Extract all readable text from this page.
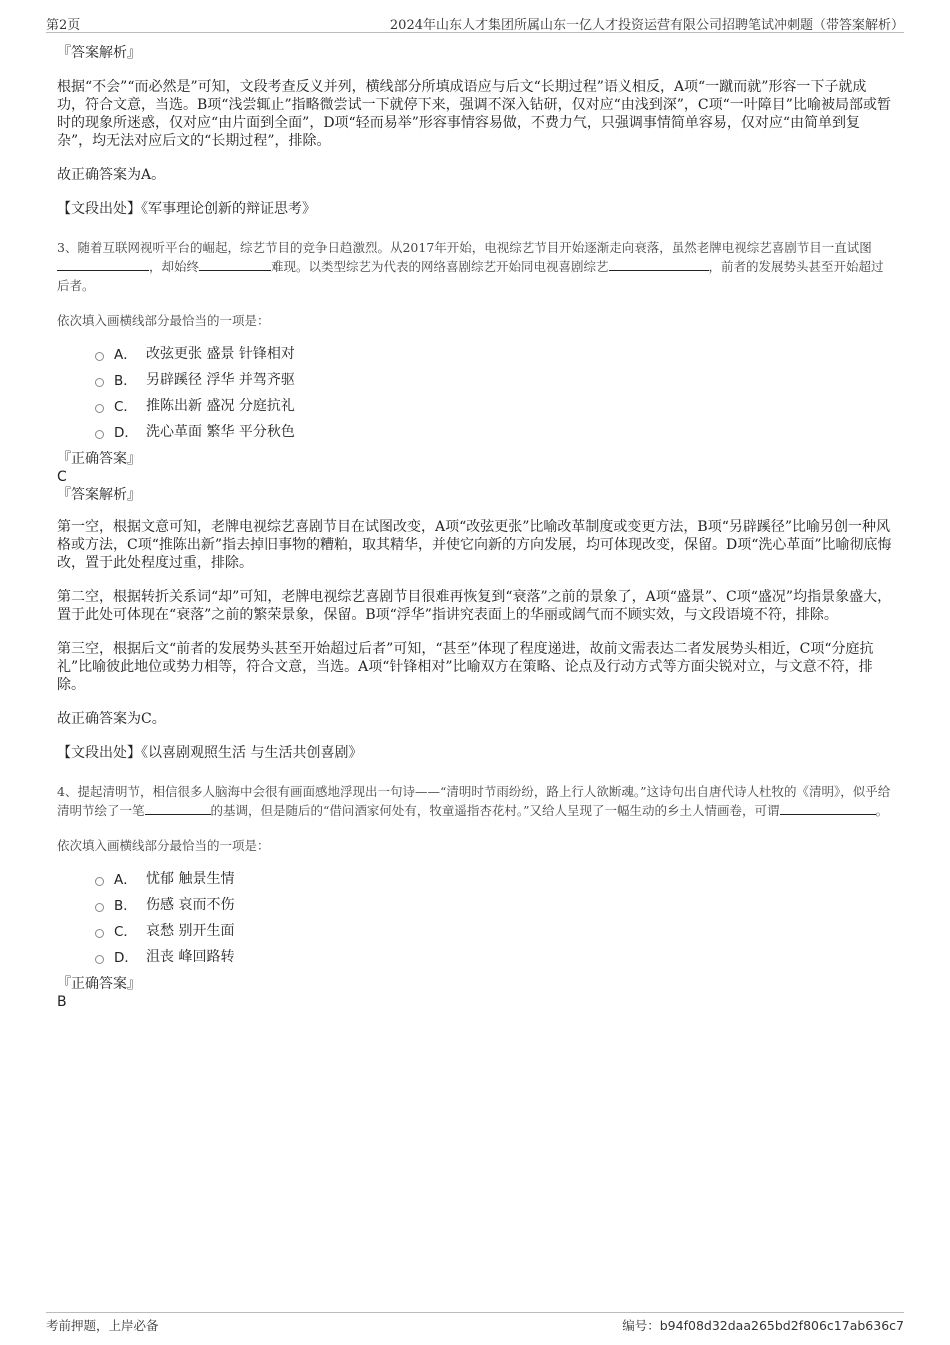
第2页	2024年山东人才集团所属山东一亿人才投资运营有限公司招聘笔试冲刺题（带答案解析）
『答案解析』

根据“不会”“而必然是”可知，文段考查反义并列，横线部分所填成语应与后文“长期过程”语义相反，A项“一蹴而就”形容一下子就成功，符合文意，当选。B项“浅尝辄止”指略微尝试一下就停下来，强调不深入钻研，仅对应“由浅到深”，C项“一叶障目”比喻被局部或暂时的现象所迷惑，仅对应“由片面到全面”，D项“轻而易举”形容事情容易做，不费力气，只强调事情简单容易，仅对应“由简单到复杂”，均无法对应后文的“长期过程”，排除。

故正确答案为A。

【文段出处】《军事理论创新的辩证思考》

3、随着互联网视听平台的崛起，综艺节目的竞争日趋激烈。从2017年开始，电视综艺节目开始逐渐走向衰落，虽然老牌电视综艺喜剧节目一直试图，却始终	难现。以类型综艺为代表的网络喜剧综艺开始同电视喜剧综艺	，前者的发展势头甚至开始超过后者。

依次填入画横线部分最恰当的一项是：

A． 改弦更张 盛景 针锋相对
B． 另辟蹊径 浮华 并驾齐驱
C． 推陈出新 盛况 分庭抗礼
D． 洗心革面 繁华 平分秋色
『正确答案』
C
『答案解析』

第一空，根据文意可知，老牌电视综艺喜剧节目在试图改变，A项“改弦更张”比喻改革制度或变更方法，B项“另辟蹊径”比喻另创一种风格或方法，C项“推陈出新”指去掉旧事物的糟粕，取其精华，并使它向新的方向发展，均可体现改变，保留。D项“洗心革面”比喻彻底悔改，置于此处程度过重，排除。

第二空，根据转折关系词“却”可知，老牌电视综艺喜剧节目很难再恢复到“衰落”之前的景象了，A项“盛景”、C项“盛况”均指景象盛大，置于此处可体现在“衰落”之前的繁荣景象，保留。B项“浮华”指讲究表面上的华丽或阔气而不顾实效，与文段语境不符，排除。

第三空，根据后文“前者的发展势头甚至开始超过后者”可知，“甚至”体现了程度递进，故前文需表达二者发展势头相近，C项“分庭抗礼”比喻彼此地位或势力相等，符合文意，当选。A项“针锋相对”比喻双方在策略、论点及行动方式等方面尖锐对立，与文意不符，排除。

故正确答案为C。

【文段出处】《以喜剧观照生活 与生活共创喜剧》

4、提起清明节，相信很多人脑海中会很有画面感地浮现出一句诗——“清明时节雨纷纷，路上行人欲断魂。”这诗句出自唐代诗人杜牧的《清明》，似乎给清明节绘了一笔	的基调，但是随后的“借问酒家何处有，牧童遥指杏花村。”又给人呈现了一幅生动的乡土人情画卷，可谓	。

依次填入画横线部分最恰当的一项是：

A． 忧郁 触景生情
B． 伤感 哀而不伤
C． 哀愁 别开生面
D． 沮丧 峰回路转
『正确答案』
B
考前押题，上岸必备	编号：b94f08d32daa265bd2f806c17ab636c7
